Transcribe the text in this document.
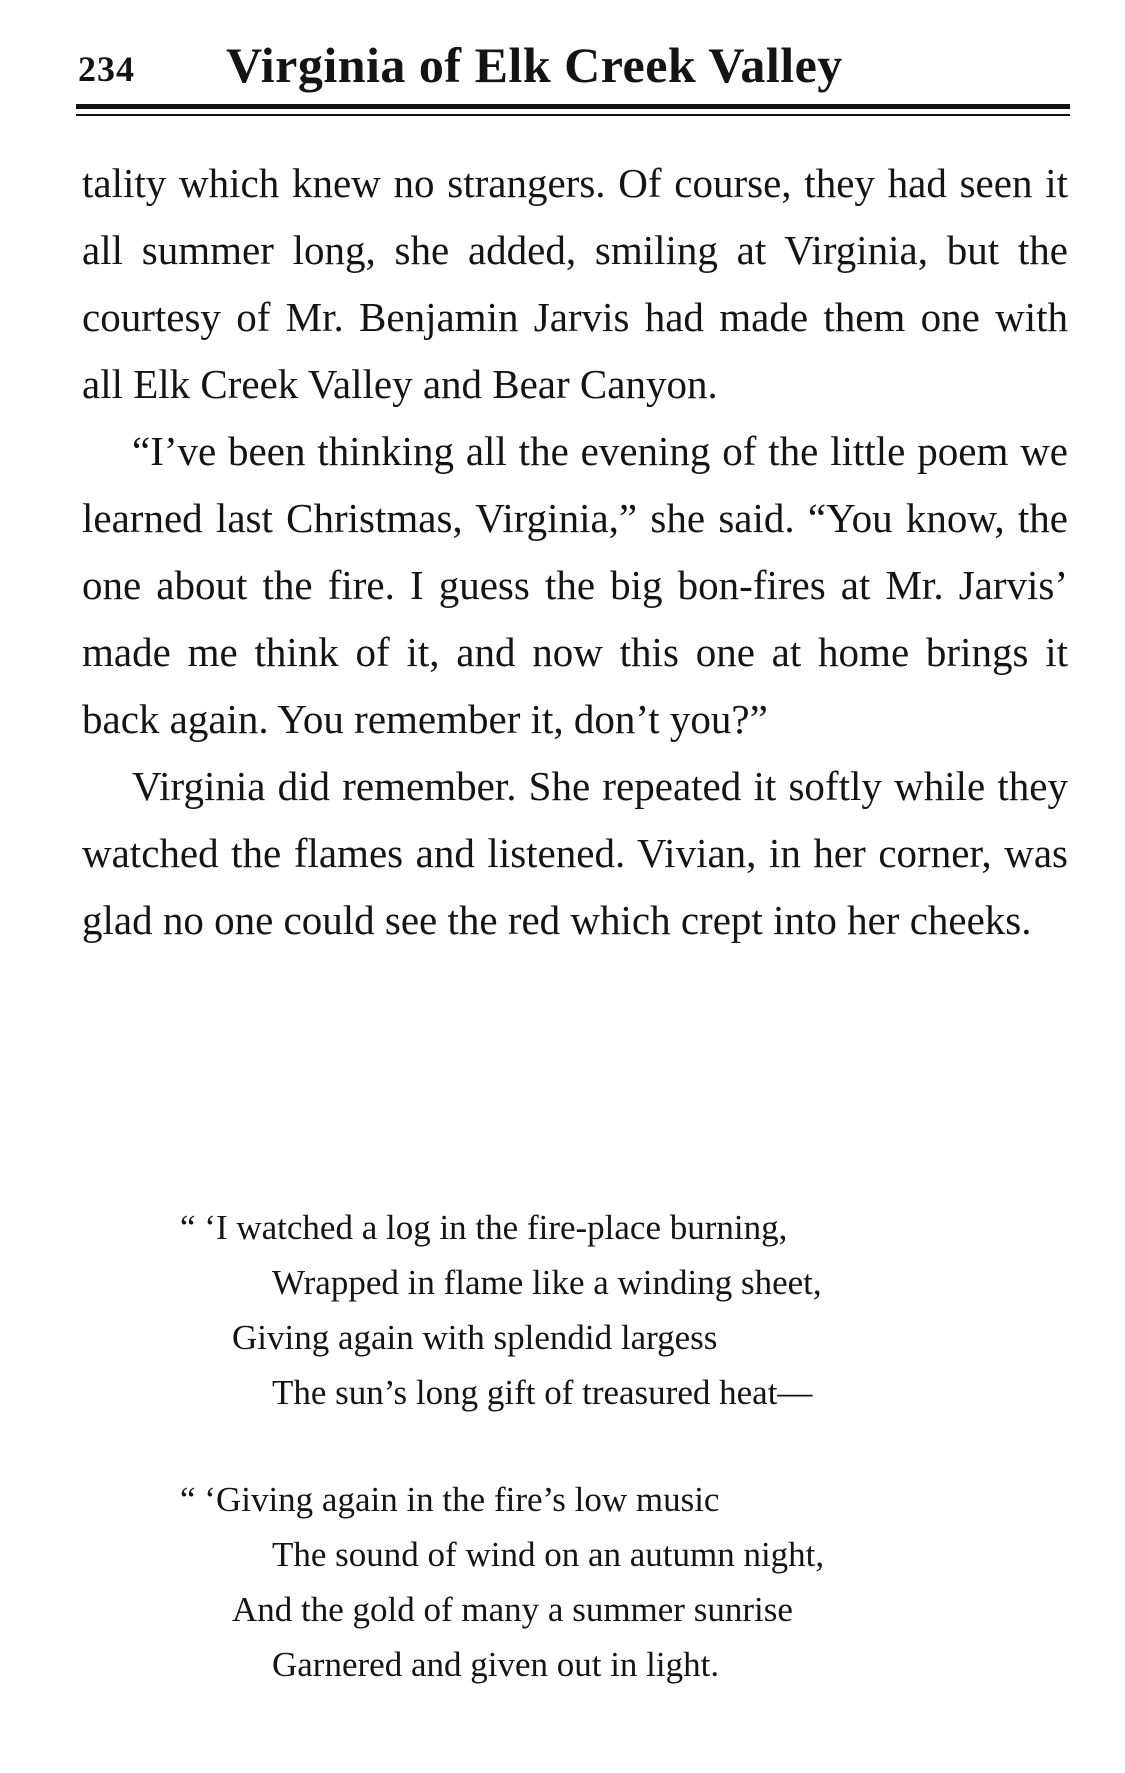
234 Virginia of Elk Creek Valley

tality which knew no strangers. Of course, they had seen it all summer long, she added, smiling at Virginia, but the courtesy of Mr. Benjamin Jarvis had made them one with all Elk Creek Valley and Bear Canyon.

“I’ve been thinking all the evening of the little poem we learned last Christmas, Virginia,” she said. “You know, the one about the fire. I guess the big bon-fires at Mr. Jarvis’ made me think of it, and now this one at home brings it back again. You remember it, don’t you?”

Virginia did remember. She repeated it softly while they watched the flames and listened. Vivian, in her corner, was glad no one could see the red which crept into her cheeks.

“ ‘I watched a log in the fire-place burning,
Wrapped in flame like a winding sheet,
Giving again with splendid largess
The sun’s long gift of treasured heat—
“ ‘Giving again in the fire’s low music
The sound of wind on an autumn night,
And the gold of many a summer sunrise
Garnered and given out in light.
